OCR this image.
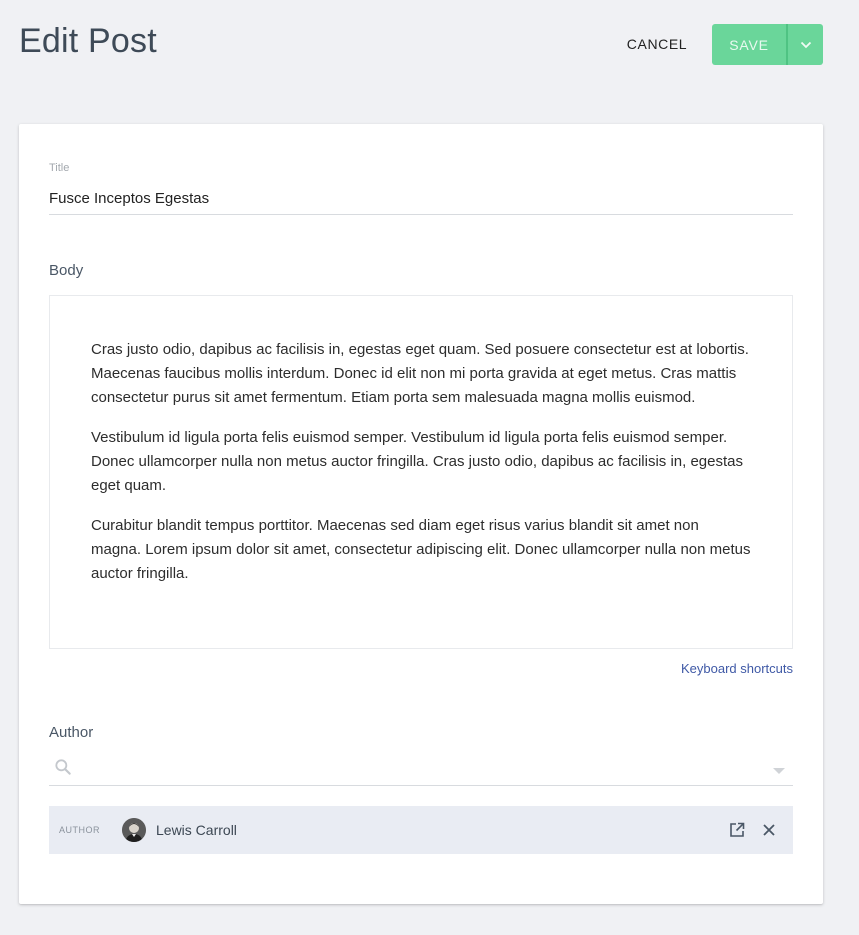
Edit Post	CANCEL	SAVE
Title
Fusce Inceptos Egestas
Body

Cras justo odio, dapibus ac facilisis in, egestas eget quam. Sed posuere consectetur est at lobortis. Maecenas faucibus mollis interdum. Donec id elit non mi porta gravida at eget metus. Cras mattis consectetur purus sit amet fermentum. Etiam porta sem malesuada magna mollis euismod.

Vestibulum id ligula porta felis euismod semper. Vestibulum id ligula porta felis euismod semper. Donec ullamcorper nulla non metus auctor fringilla. Cras justo odio, dapibus ac facilisis in, egestas eget quam.

Curabitur blandit tempus porttitor. Maecenas sed diam eget risus varius blandit sit amet non magna. Lorem ipsum dolor sit amet, consectetur adipiscing elit. Donec ullamcorper nulla non metus auctor fringilla.

Keyboard shortcuts
Author
AUTHOR	Lewis Carroll
